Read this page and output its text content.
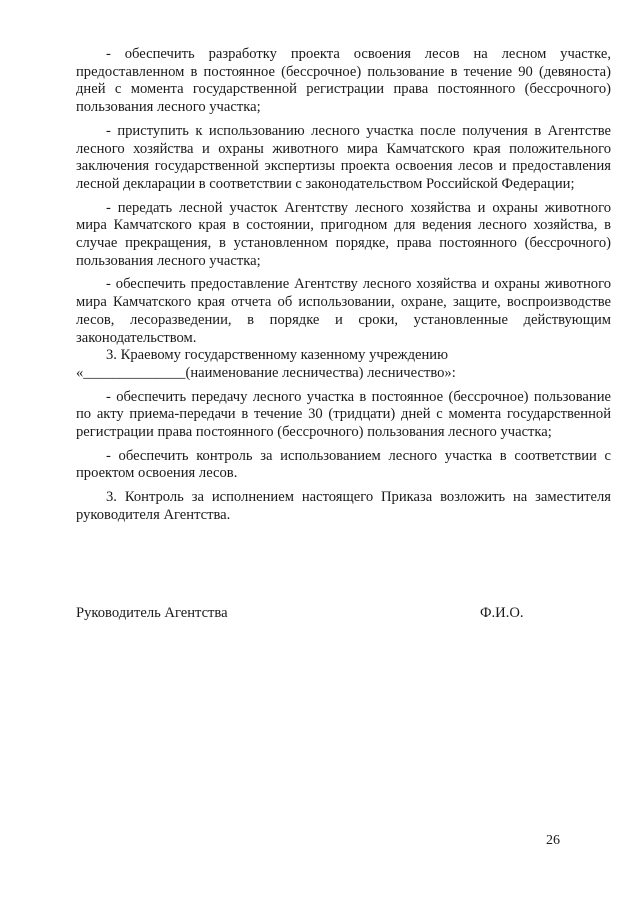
- обеспечить разработку проекта освоения лесов на лесном участке, предоставленном в постоянное (бессрочное) пользование в течение 90 (девяноста) дней с момента государственной регистрации права постоянного (бессрочного) пользования лесного участка;

- приступить к использованию лесного участка после получения в Агентстве лесного хозяйства и охраны животного мира Камчатского края положительного заключения государственной экспертизы проекта освоения лесов и предоставления лесной декларации в соответствии с законодательством Российской Федерации;

- передать лесной участок Агентству лесного хозяйства и охраны животного мира Камчатского края в состоянии, пригодном для ведения лесного хозяйства, в случае прекращения, в установленном порядке, права постоянного (бессрочного) пользования лесного участка;

- обеспечить предоставление Агентству лесного хозяйства и охраны животного мира Камчатского края отчета об использовании, охране, защите, воспроизводстве лесов, лесоразведении, в порядке и сроки, установленные действующим законодательством.

3. Краевому государственному казенному учреждению

«______________(наименование лесничества) лесничество»:

- обеспечить передачу лесного участка в постоянное (бессрочное) пользование по акту приема-передачи в течение 30 (тридцати) дней с момента государственной регистрации права постоянного (бессрочного) пользования лесного участка;

- обеспечить контроль за использованием лесного участка в соответствии с проектом освоения лесов.

3. Контроль за исполнением настоящего Приказа возложить на заместителя руководителя Агентства.

Руководитель Агентства	Ф.И.О.
26
